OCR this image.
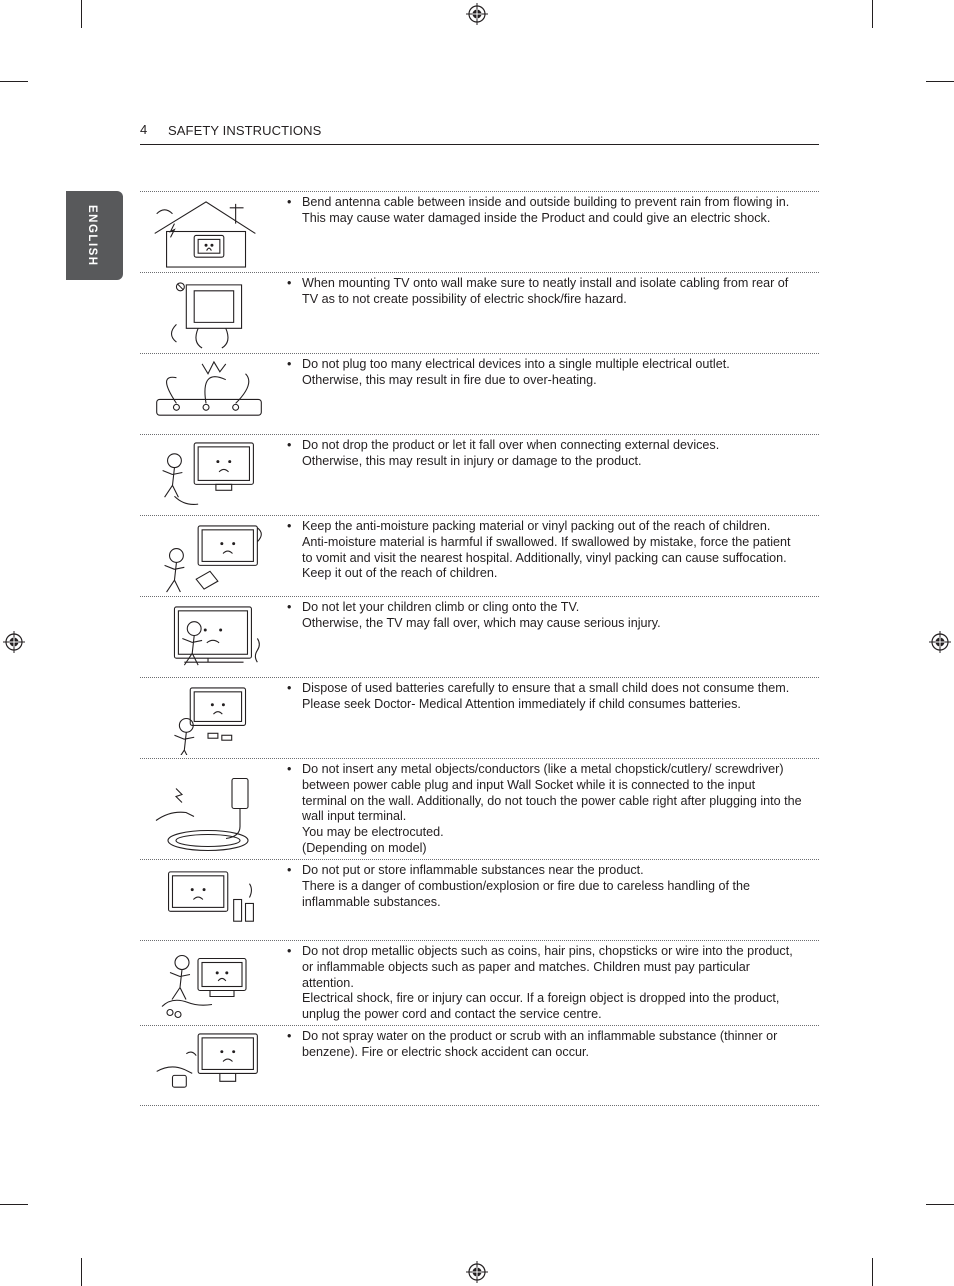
4 SAFETY INSTRUCTIONS
ENGLISH
• Bend antenna cable between inside and outside building to prevent rain from flowing in.
This may cause water damaged inside the Product and could give an electric shock.
• When mounting TV onto wall make sure to neatly install and isolate cabling from rear of TV as to not create possibility of electric shock/fire hazard.
• Do not plug too many electrical devices into a single multiple electrical outlet.
Otherwise, this may result in fire due to over-heating.
• Do not drop the product or let it fall over when connecting external devices.
Otherwise, this may result in injury or damage to the product.
• Keep the anti-moisture packing material or vinyl packing out of the reach of children.
Anti-moisture material is harmful if swallowed. If swallowed by mistake, force the patient to vomit and visit the nearest hospital. Additionally, vinyl packing can cause suffocation. Keep it out of the reach of children.
• Do not let your children climb or cling onto the TV.
Otherwise, the TV may fall over, which may cause serious injury.
• Dispose of used batteries carefully to ensure that a small child does not consume them.
Please seek Doctor- Medical Attention immediately if child consumes batteries.
• Do not insert any metal objects/conductors (like a metal chopstick/cutlery/ screwdriver) between power cable plug and input Wall Socket while it is connected to the input terminal on the wall. Additionally, do not touch the power cable right after plugging into the wall input terminal.
You may be electrocuted.
(Depending on model)
• Do not put or store inflammable substances near the product.
There is a danger of combustion/explosion or fire due to careless handling of the inflammable substances.
• Do not drop metallic objects such as coins, hair pins, chopsticks or wire into the product, or inflammable objects such as paper and matches. Children must pay particular attention.
Electrical shock, fire or injury can occur. If a foreign object is dropped into the product, unplug the power cord and contact the service centre.
• Do not spray water on the product or scrub with an inflammable substance (thinner or benzene). Fire or electric shock accident can occur.
